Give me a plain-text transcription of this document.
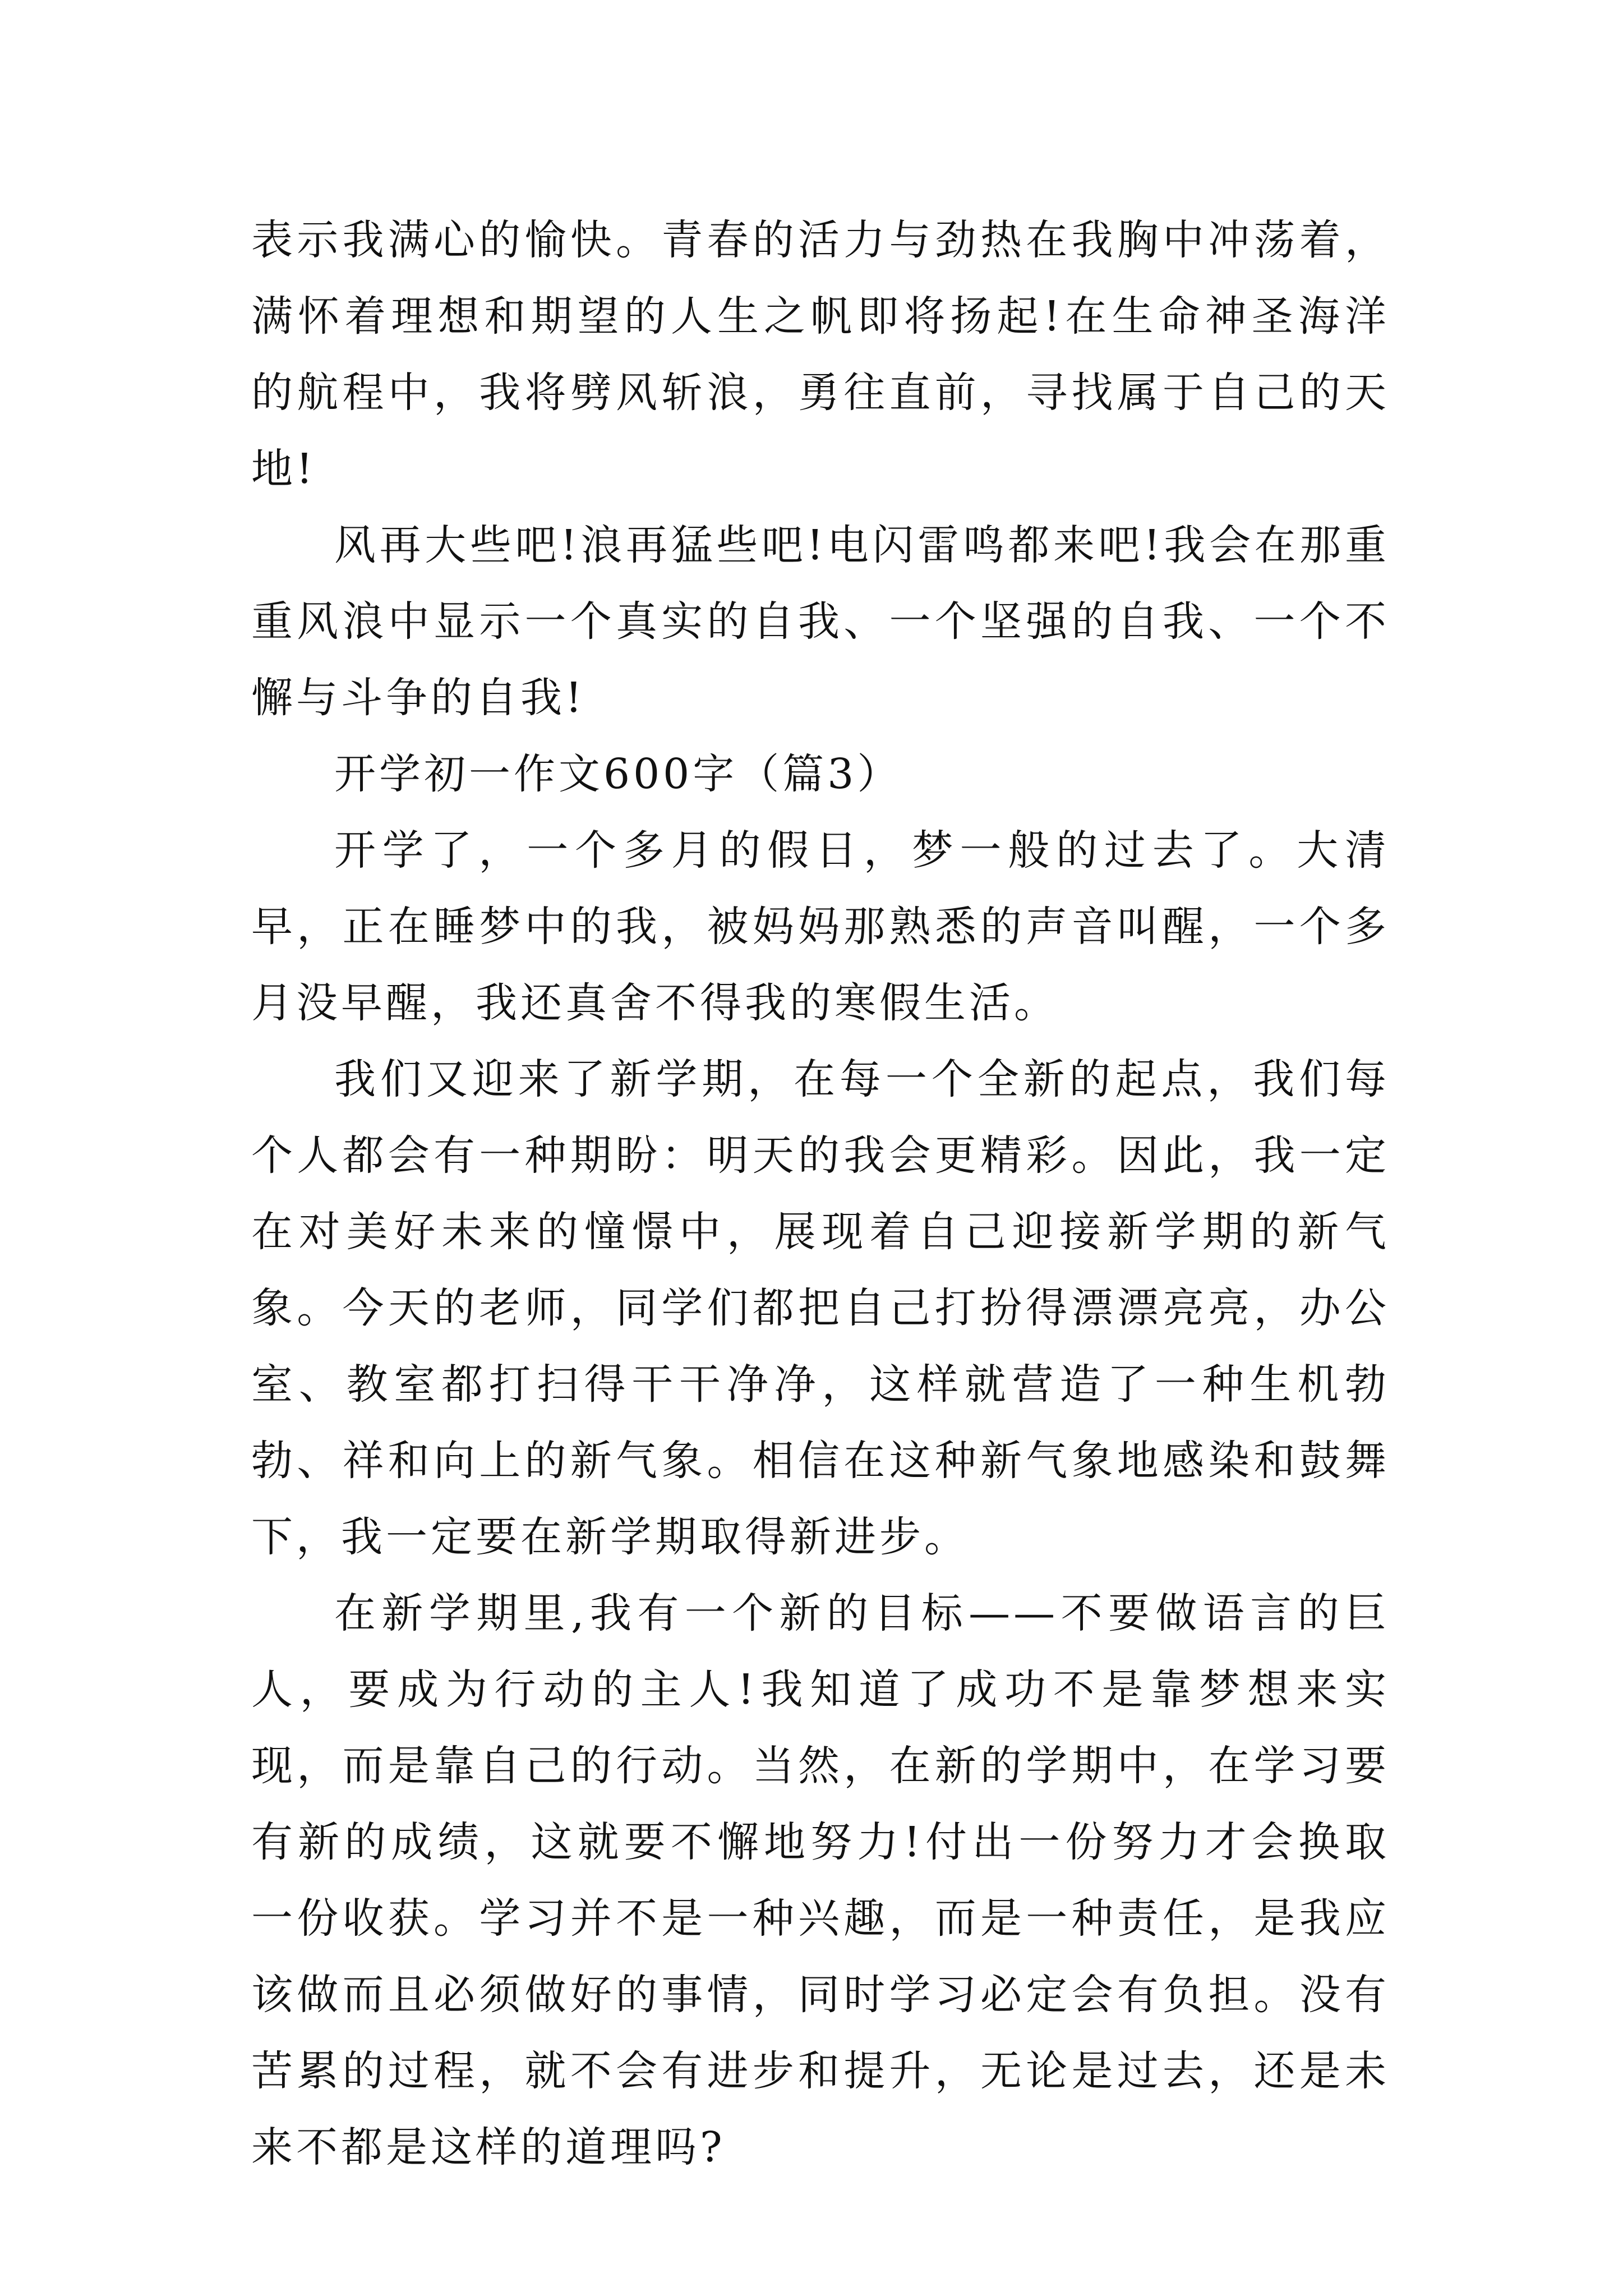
表示我满心的愉快。青春的活力与劲热在我胸中冲荡着，满怀着理想和期望的人生之帆即将扬起!在生命神圣海洋的航程中，我将劈风斩浪，勇往直前，寻找属于自己的天地!

风再大些吧!浪再猛些吧!电闪雷鸣都来吧!我会在那重重风浪中显示一个真实的自我、一个坚强的自我、一个不懈与斗争的自我!

开学初一作文600字（篇3）

开学了，一个多月的假日，梦一般的过去了。大清早，正在睡梦中的我，被妈妈那熟悉的声音叫醒，一个多月没早醒，我还真舍不得我的寒假生活。

我们又迎来了新学期，在每一个全新的起点，我们每个人都会有一种期盼：明天的我会更精彩。因此，我一定在对美好未来的憧憬中，展现着自己迎接新学期的新气象。今天的老师，同学们都把自己打扮得漂漂亮亮，办公室、教室都打扫得干干净净，这样就营造了一种生机勃勃、祥和向上的新气象。相信在这种新气象地感染和鼓舞下，我一定要在新学期取得新进步。

在新学期里,我有一个新的目标——不要做语言的巨人，要成为行动的主人!我知道了成功不是靠梦想来实现，而是靠自己的行动。当然，在新的学期中，在学习要有新的成绩，这就要不懈地努力!付出一份努力才会换取一份收获。学习并不是一种兴趣，而是一种责任，是我应该做而且必须做好的事情，同时学习必定会有负担。没有苦累的过程，就不会有进步和提升，无论是过去，还是未来不都是这样的道理吗?
